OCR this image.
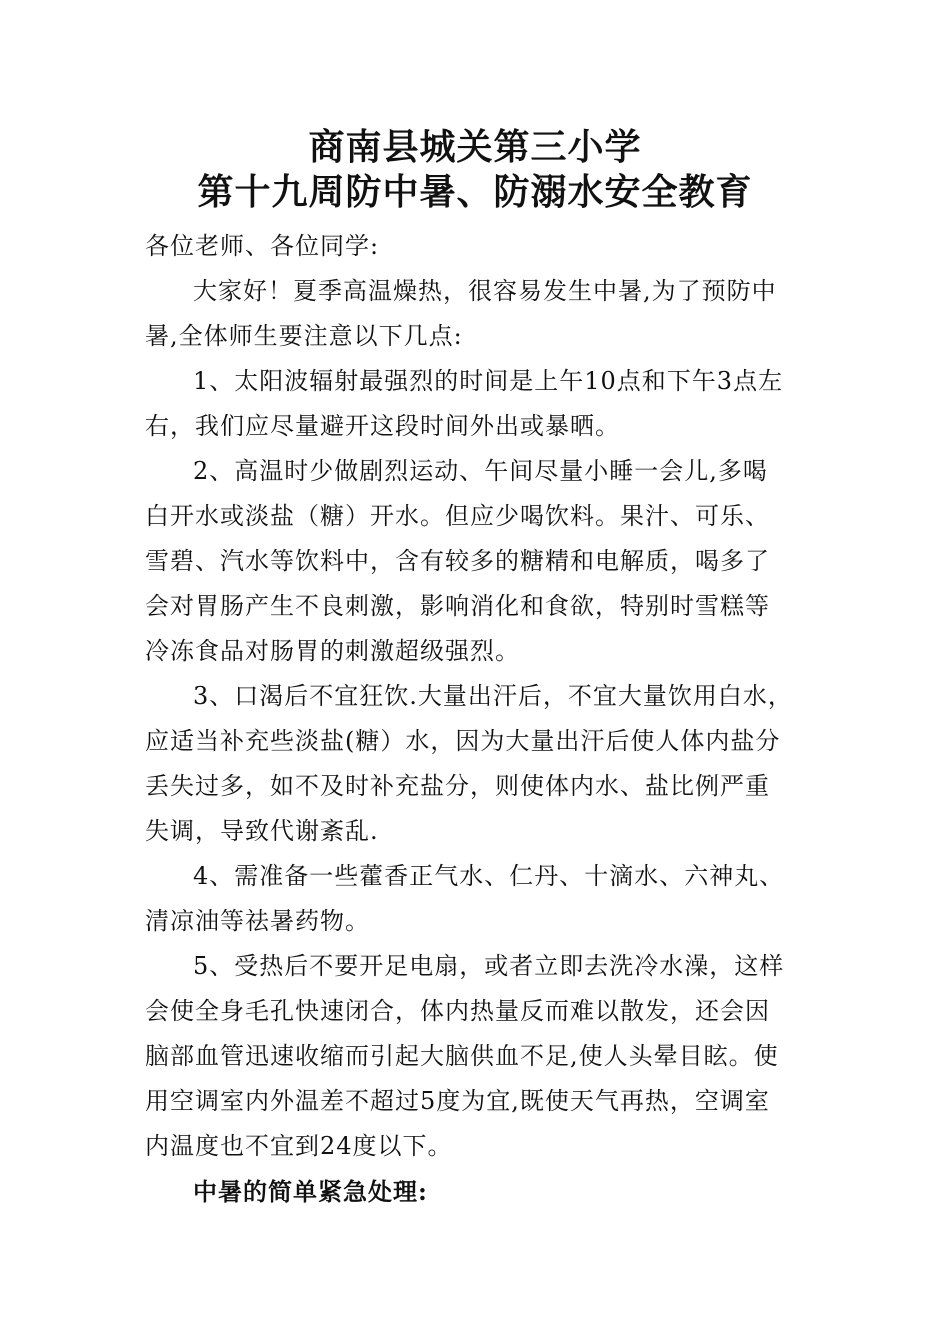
商南县城关第三小学
第十九周防中暑、防溺水安全教育
各位老师、各位同学:
大家好！夏季高温燥热，很容易发生中暑,为了预防中
暑,全体师生要注意以下几点:
1、太阳波辐射最强烈的时间是上午10点和下午3点左
右，我们应尽量避开这段时间外出或暴晒。
2、高温时少做剧烈运动、午间尽量小睡一会儿,多喝
白开水或淡盐（糖）开水。但应少喝饮料。果汁、可乐、
雪碧、汽水等饮料中，含有较多的糖精和电解质，喝多了
会对胃肠产生不良刺激，影响消化和食欲，特别时雪糕等
冷冻食品对肠胃的刺激超级强烈。
3、口渴后不宜狂饮.大量出汗后，不宜大量饮用白水，
应适当补充些淡盐(糖）水，因为大量出汗后使人体内盐分
丢失过多，如不及时补充盐分，则使体内水、盐比例严重
失调，导致代谢紊乱.
4、需准备一些藿香正气水、仁丹、十滴水、六神丸、
清凉油等祛暑药物。
5、受热后不要开足电扇，或者立即去洗冷水澡，这样
会使全身毛孔快速闭合，体内热量反而难以散发，还会因
脑部血管迅速收缩而引起大脑供血不足,使人头晕目眩。使
用空调室内外温差不超过5度为宜,既使天气再热，空调室
内温度也不宜到24度以下。
中暑的简单紧急处理:
